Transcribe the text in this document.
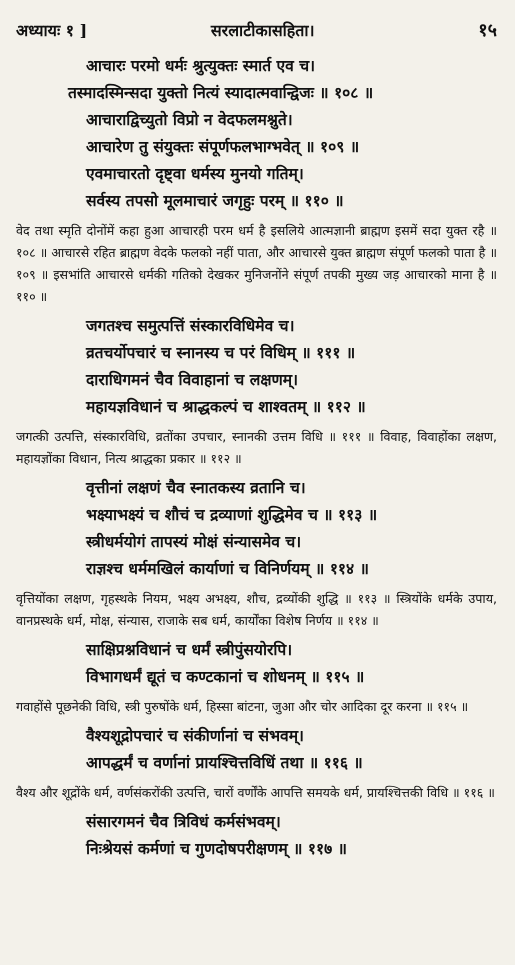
अध्यायः १ ]	सरलाटीकासहिता।	१५
आचारः परमो धर्मः श्रुत्युक्तः स्मार्त एव च।
तस्मादस्मिन्सदा युक्तो नित्यं स्यादात्मवान्द्विजः ॥ १०८ ॥
आचाराद्विच्युतो विप्रो न वेदफलमश्नुते।
आचारेण तु संयुक्तः संपूर्णफलभाग्भवेत् ॥ १०९ ॥
एवमाचारतो दृष्ट्वा धर्मस्य मुनयो गतिम्।
सर्वस्य तपसो मूलमाचारं जगृहुः परम् ॥ ११० ॥

वेद तथा स्मृति दोनोंमें कहा हुआ आचारही परम धर्म है इसलिये आत्मज्ञानी ब्राह्मण इसमें सदा युक्त रहै ॥ १०८ ॥ आचारसे रहित ब्राह्मण वेदके फलको नहीं पाता, और आचारसे युक्त ब्राह्मण संपूर्ण फलको पाता है ॥ १०९ ॥ इसभांति आचारसे धर्मकी गतिको देखकर मुनिजनोंने संपूर्ण तपकी मुख्य जड़ आचारको माना है ॥ ११० ॥

जगतश्च समुत्पत्तिं संस्कारविधिमेव च।
व्रतचर्योपचारं च स्नानस्य च परं विधिम् ॥ १११ ॥
दाराधिगमनं चैव विवाहानां च लक्षणम्।
महायज्ञविधानं च श्राद्धकल्पं च शाश्वतम् ॥ ११२ ॥

जगत्की उत्पत्ति, संस्कारविधि, व्रतोंका उपचार, स्नानकी उत्तम विधि ॥ १११ ॥ विवाह, विवाहोंका लक्षण, महायज्ञोंका विधान, नित्य श्राद्धका प्रकार ॥ ११२ ॥

वृत्तीनां लक्षणं चैव स्नातकस्य व्रतानि च।
भक्ष्याभक्ष्यं च शौचं च द्रव्याणां शुद्धिमेव च ॥ ११३ ॥
स्त्रीधर्मयोगं तापस्यं मोक्षं संन्यासमेव च।
राज्ञश्च धर्ममखिलं कार्याणां च विनिर्णयम् ॥ ११४ ॥

वृत्तियोंका लक्षण, गृहस्थके नियम, भक्ष्य अभक्ष्य, शौच, द्रव्योंकी शुद्धि ॥ ११३ ॥ स्त्रियोंके धर्मके उपाय, वानप्रस्थके धर्म, मोक्ष, संन्यास, राजाके सब धर्म, कार्योंका विशेष निर्णय ॥ ११४ ॥

साक्षिप्रश्नविधानं च धर्मं स्त्रीपुंसयोरपि।
विभागधर्मं द्यूतं च कण्टकानां च शोधनम् ॥ ११५ ॥

गवाहोंसे पूछनेकी विधि, स्त्री पुरुषोंके धर्म, हिस्सा बांटना, जुआ और चोर आदिका दूर करना ॥ ११५ ॥

वैश्यशूद्रोपचारं च संकीर्णानां च संभवम्।
आपद्धर्मं च वर्णानां प्रायश्चित्तविधिं तथा ॥ ११६ ॥

वैश्य और शूद्रोंके धर्म, वर्णसंकरोंकी उत्पत्ति, चारों वर्णोंके आपत्ति समयके धर्म, प्रायश्चित्तकी विधि ॥ ११६ ॥

संसारगमनं चैव त्रिविधं कर्मसंभवम्।
निःश्रेयसं कर्मणां च गुणदोषपरीक्षणम् ॥ ११७ ॥
